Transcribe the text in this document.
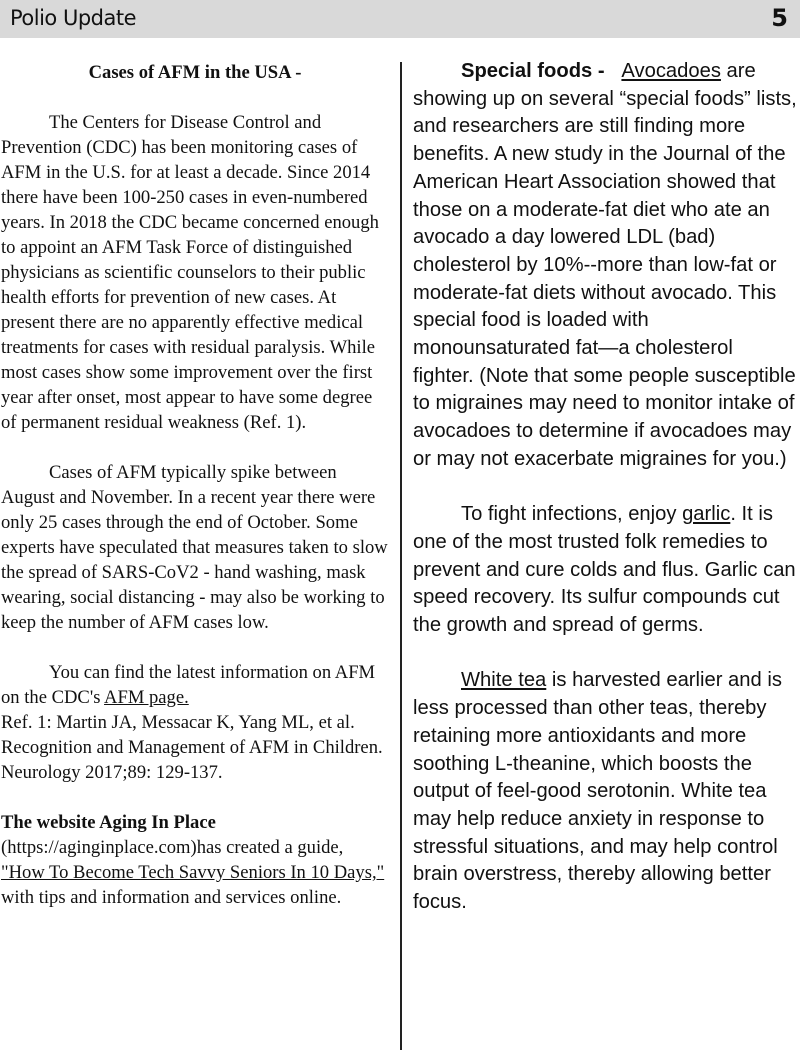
Polio Update	5

Cases of AFM in the USA -

The Centers for Disease Control and Prevention (CDC) has been monitoring cases of AFM in the U.S. for at least a decade. Since 2014 there have been 100-250 cases in even-numbered years. In 2018 the CDC became concerned enough to appoint an AFM Task Force of distinguished physicians as scientific counselors to their public health efforts for prevention of new cases. At present there are no apparently effective medical treatments for cases with residual paralysis. While most cases show some improvement over the first year after onset, most appear to have some degree of permanent residual weakness (Ref. 1).

Cases of AFM typically spike between August and November. In a recent year there were only 25 cases through the end of October. Some experts have speculated that measures taken to slow the spread of SARS-CoV2 - hand washing, mask wearing, social distancing - may also be working to keep the number of AFM cases low.

You can find the latest information on AFM on the CDC's AFM page.

Ref. 1: Martin JA, Messacar K, Yang ML, et al. Recognition and Management of AFM in Children. Neurology 2017;89: 129-137.

The website Aging In Place (https://aginginplace.com)has created a guide, "How To Become Tech Savvy Seniors In 10 Days," with tips and information and services online.

Special foods - Avocadoes are showing up on several “special foods” lists, and researchers are still finding more benefits. A new study in the Journal of the American Heart Association showed that those on a moderate-fat diet who ate an avocado a day lowered LDL (bad) cholesterol by 10%--more than low-fat or moderate-fat diets without avocado. This special food is loaded with monounsaturated fat—a cholesterol fighter. (Note that some people susceptible to migraines may need to monitor intake of avocadoes to determine if avocadoes may or may not exacerbate migraines for you.)

To fight infections, enjoy garlic. It is one of the most trusted folk remedies to prevent and cure colds and flus. Garlic can speed recovery. Its sulfur compounds cut the growth and spread of germs.

White tea is harvested earlier and is less processed than other teas, thereby retaining more antioxidants and more soothing L-theanine, which boosts the output of feel-good serotonin. White tea may help reduce anxiety in response to stressful situations, and may help control brain overstress, thereby allowing better focus.
